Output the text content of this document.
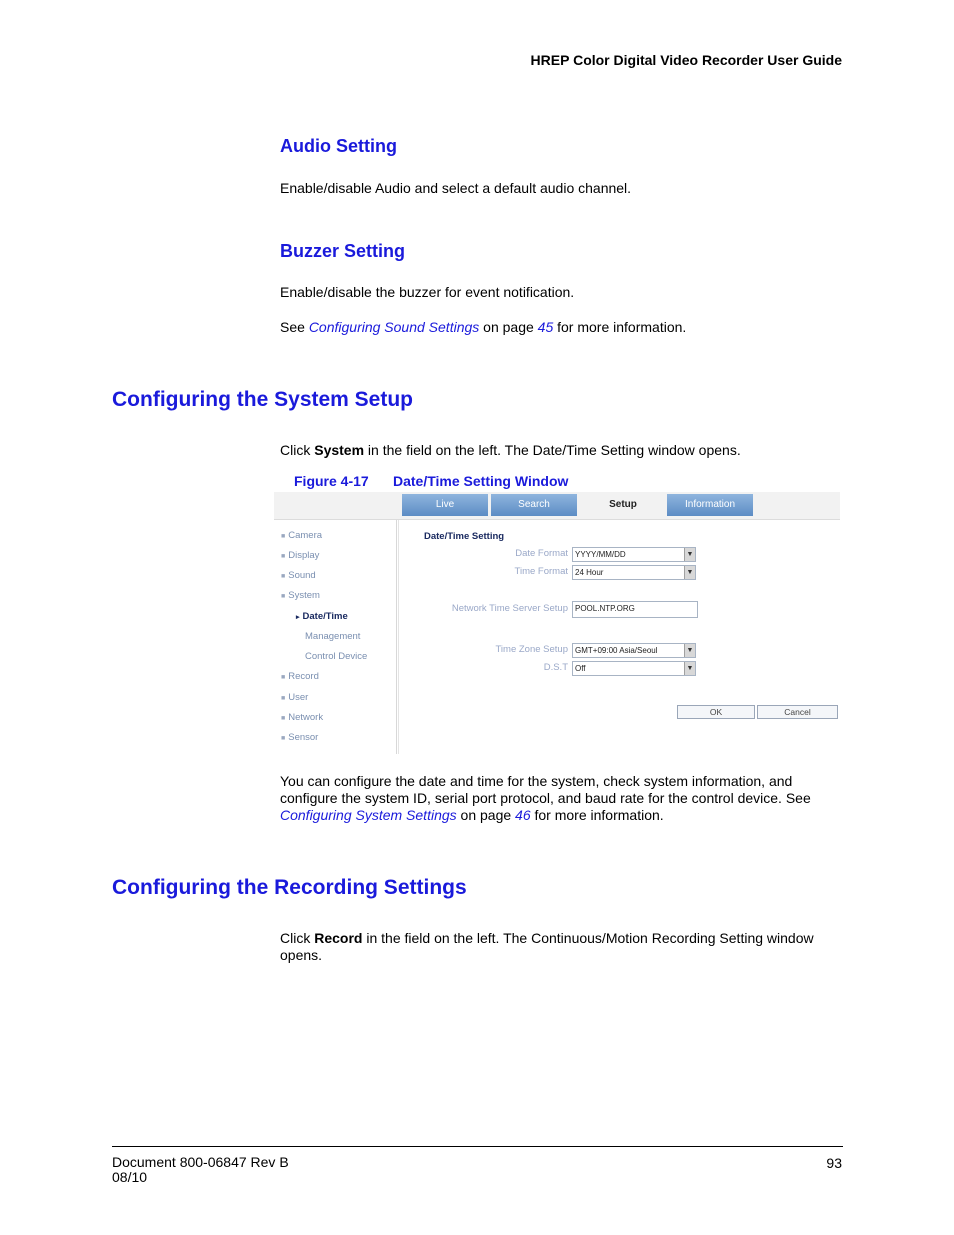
HREP Color Digital Video Recorder User Guide
Audio Setting
Enable/disable Audio and select a default audio channel.
Buzzer Setting
Enable/disable the buzzer for event notification.
See Configuring Sound Settings on page 45 for more information.
Configuring the System Setup
Click System in the field on the left. The Date/Time Setting window opens.
Figure 4-17 Date/Time Setting Window
Live	Search	Setup	Information
■ Camera
■ Display
■ Sound
■ System
▸ Date/Time
Management
Control Device
■ Record
■ User
■ Network
■ Sensor
Date/Time Setting
Date Format YYYY/MM/DD	▼
Time Format 24 Hour	▼
Network Time Server Setup POOL.NTP.ORG
Time Zone Setup GMT+09:00 Asia/Seoul	▼
D.S.T Off	▼
OK	Cancel
You can configure the date and time for the system, check system information, and configure the system ID, serial port protocol, and baud rate for the control device. See Configuring System Settings on page 46 for more information.
Configuring the Recording Settings
Click Record in the field on the left. The Continuous/Motion Recording Setting window opens.
Document 800-06847 Rev B
08/10
93
